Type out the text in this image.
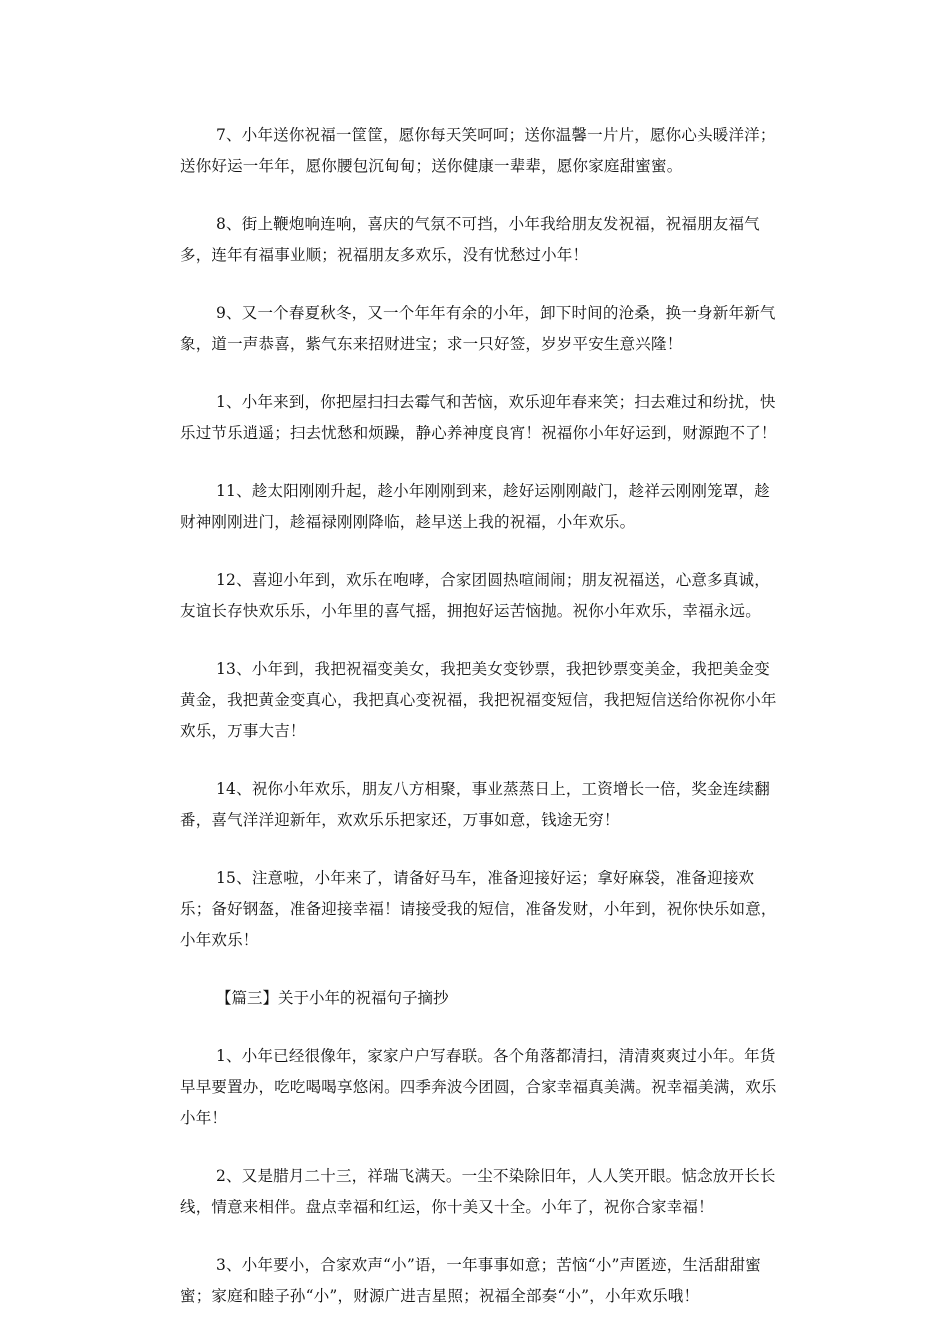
7、小年送你祝福一筐筐，愿你每天笑呵呵；送你温馨一片片，愿你心头暖洋洋；送你好运一年年，愿你腰包沉甸甸；送你健康一辈辈，愿你家庭甜蜜蜜。

8、街上鞭炮响连响，喜庆的气氛不可挡，小年我给朋友发祝福，祝福朋友福气多，连年有福事业顺；祝福朋友多欢乐，没有忧愁过小年！

9、又一个春夏秋冬，又一个年年有余的小年，卸下时间的沧桑，换一身新年新气象，道一声恭喜，紫气东来招财进宝；求一只好签，岁岁平安生意兴隆！

1、小年来到，你把屋扫扫去霉气和苦恼，欢乐迎年春来笑；扫去难过和纷扰，快乐过节乐逍遥；扫去忧愁和烦躁，静心养神度良宵！祝福你小年好运到，财源跑不了！

11、趁太阳刚刚升起，趁小年刚刚到来，趁好运刚刚敲门，趁祥云刚刚笼罩，趁财神刚刚进门，趁福禄刚刚降临，趁早送上我的祝福，小年欢乐。

12、喜迎小年到，欢乐在咆哮，合家团圆热喧闹闹；朋友祝福送，心意多真诚，友谊长存快欢乐乐，小年里的喜气摇，拥抱好运苦恼抛。祝你小年欢乐，幸福永远。

13、小年到，我把祝福变美女，我把美女变钞票，我把钞票变美金，我把美金变黄金，我把黄金变真心，我把真心变祝福，我把祝福变短信，我把短信送给你祝你小年欢乐，万事大吉！

14、祝你小年欢乐，朋友八方相聚，事业蒸蒸日上，工资增长一倍，奖金连续翻番，喜气洋洋迎新年，欢欢乐乐把家还，万事如意，钱途无穷！

15、注意啦，小年来了，请备好马车，准备迎接好运；拿好麻袋，准备迎接欢乐；备好钢盔，准备迎接幸福！请接受我的短信，准备发财，小年到，祝你快乐如意，小年欢乐！

【篇三】关于小年的祝福句子摘抄

1、小年已经很像年，家家户户写春联。各个角落都清扫，清清爽爽过小年。年货早早要置办，吃吃喝喝享悠闲。四季奔波今团圆，合家幸福真美满。祝幸福美满，欢乐小年！

2、又是腊月二十三，祥瑞飞满天。一尘不染除旧年，人人笑开眼。惦念放开长长线，情意来相伴。盘点幸福和红运，你十美又十全。小年了，祝你合家幸福！

3、小年要小，合家欢声“小”语，一年事事如意；苦恼“小”声匿迹，生活甜甜蜜蜜；家庭和睦子孙“小”，财源广进吉星照；祝福全部奏“小”，小年欢乐哦！
